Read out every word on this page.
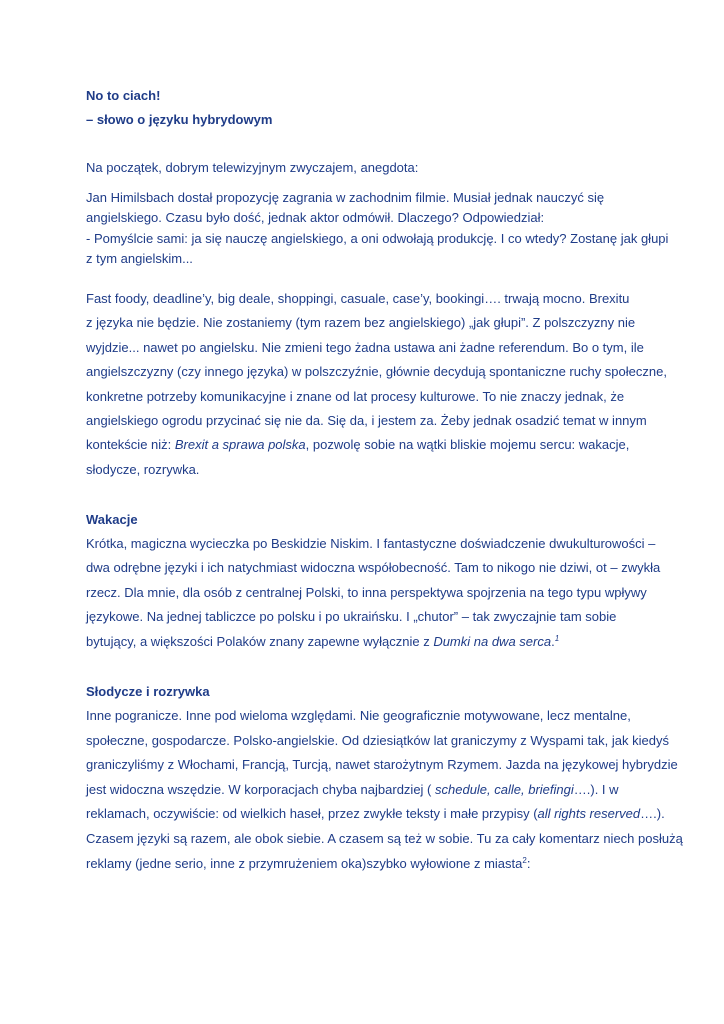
No to ciach!

– słowo o języku hybrydowym

Na początek, dobrym telewizyjnym zwyczajem, anegdota:

Jan Himilsbach dostał propozycję zagrania w zachodnim filmie. Musiał jednak nauczyć się

angielskiego. Czasu było dość, jednak aktor odmówił. Dlaczego? Odpowiedział:

- Pomyślcie sami: ja się nauczę angielskiego, a oni odwołają produkcję. I co wtedy? Zostanę jak głupi

z tym angielskim...

Fast foody, deadline’y, big deale, shoppingi, casuale, case’y, bookingi…. trwają mocno. Brexitu

z języka nie będzie. Nie zostaniemy (tym razem bez angielskiego) „jak głupi”. Z polszczyzny nie

wyjdzie... nawet po angielsku. Nie zmieni tego żadna ustawa ani żadne referendum. Bo o tym, ile

angielszczyzny (czy innego języka) w polszczyźnie, głównie decydują spontaniczne ruchy społeczne,

konkretne potrzeby komunikacyjne i znane od lat procesy kulturowe. To nie znaczy jednak, że

angielskiego ogrodu przycinać się nie da. Się da, i jestem za. Żeby jednak osadzić temat w innym

kontekście niż: Brexit a sprawa polska, pozwolę sobie na wątki bliskie mojemu sercu: wakacje,

słodycze, rozrywka.

Wakacje

Krótka, magiczna wycieczka po Beskidzie Niskim. I fantastyczne doświadczenie dwukulturowości –

dwa odrębne języki i ich natychmiast widoczna współobecność. Tam to nikogo nie dziwi, ot – zwykła

rzecz. Dla mnie, dla osób z centralnej Polski, to inna perspektywa spojrzenia na tego typu wpływy

językowe. Na jednej tabliczce po polsku i po ukraińsku. I „chutor” – tak zwyczajnie tam sobie

bytujący, a większości Polaków znany zapewne wyłącznie z Dumki na dwa serca.$^1$

Słodycze i rozrywka

Inne pogranicze. Inne pod wieloma względami. Nie geograficznie motywowane, lecz mentalne,

społeczne, gospodarcze. Polsko-angielskie. Od dziesiątków lat graniczymy z Wyspami tak, jak kiedyś

graniczyliśmy z Włochami, Francją, Turcją, nawet starożytnym Rzymem. Jazda na językowej hybrydzie

jest widoczna wszędzie. W korporacjach chyba najbardziej ( schedule, calle, briefingi….). I w

reklamach, oczywiście: od wielkich haseł, przez zwykłe teksty i małe przypisy (all rights reserved….).

Czasem języki są razem, ale obok siebie. A czasem są też w sobie. Tu za cały komentarz niech posłużą

reklamy (jedne serio, inne z przymrużeniem oka)szybko wyłowione z miasta$^2$:
